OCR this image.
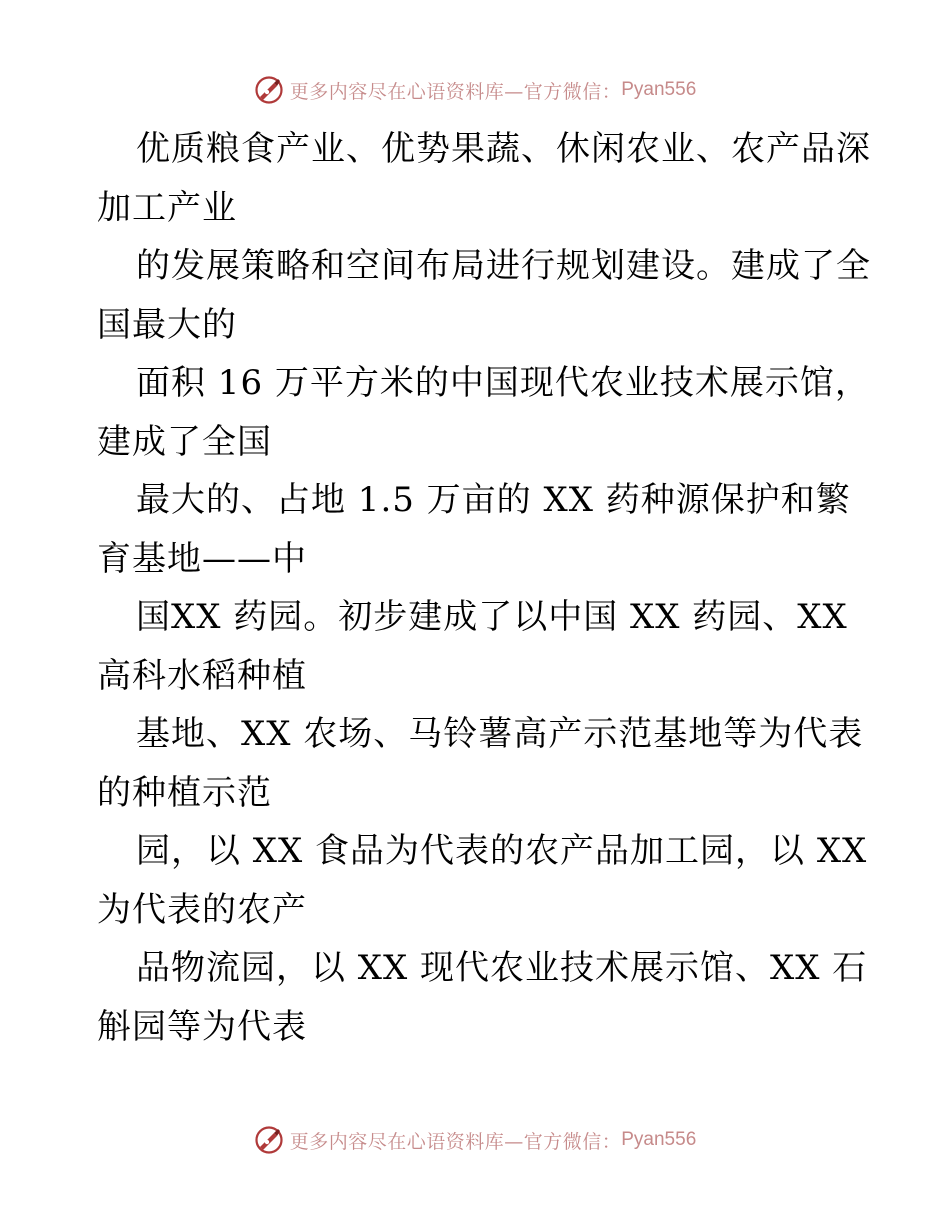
更多内容尽在心语资料库—官方微信： Pyan556

优质粮食产业、优势果蔬、休闲农业、农产品深
加工产业

的发展策略和空间布局进行规划建设。建成了全
国最大的

面积 16 万平方米的中国现代农业技术展示馆，
建成了全国

最大的、占地 1.5 万亩的 XX 药种源保护和繁
育基地——中

国XX 药园。初步建成了以中国 XX 药园、XX
高科水稻种植

基地、XX 农场、马铃薯高产示范基地等为代表
的种植示范

园，以 XX 食品为代表的农产品加工园，以 XX
为代表的农产

品物流园，以 XX 现代农业技术展示馆、XX 石
斛园等为代表

更多内容尽在心语资料库—官方微信： Pyan556
